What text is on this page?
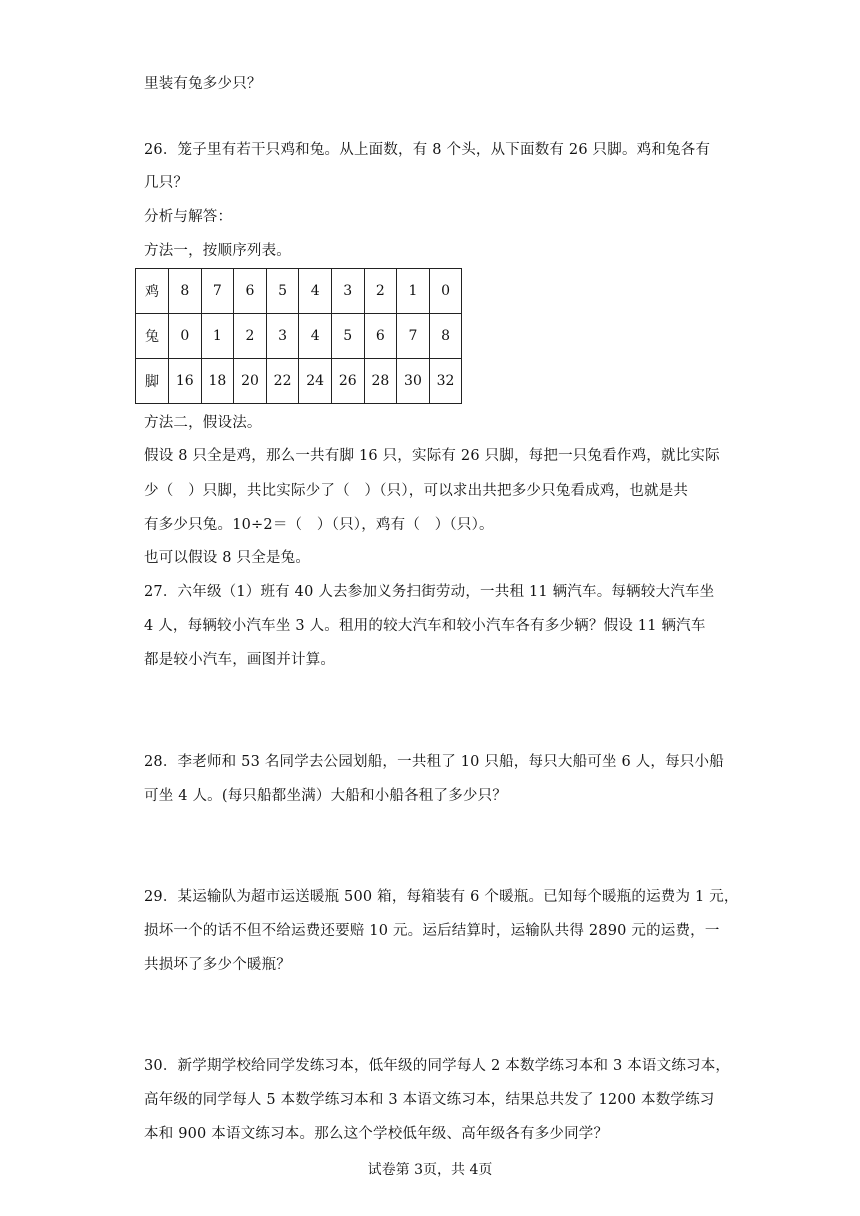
里装有兔多少只？
26．笼子里有若干只鸡和兔。从上面数，有 8 个头，从下面数有 26 只脚。鸡和兔各有
几只？
分析与解答：
方法一，按顺序列表。
鸡	8	7	6	5	4	3	2	1	0
兔	0	1	2	3	4	5	6	7	8
脚	16	18	20	22	24	26	28	30	32
方法二，假设法。
假设 8 只全是鸡，那么一共有脚 16 只，实际有 26 只脚，每把一只兔看作鸡，就比实际
少（　）只脚，共比实际少了（　）（只），可以求出共把多少只兔看成鸡，也就是共
有多少只兔。10÷2＝（　）（只），鸡有（　）（只）。
也可以假设 8 只全是兔。
27．六年级（1）班有 40 人去参加义务扫街劳动，一共租 11 辆汽车。每辆较大汽车坐
4 人，每辆较小汽车坐 3 人。租用的较大汽车和较小汽车各有多少辆？假设 11 辆汽车
都是较小汽车，画图并计算。
28．李老师和 53 名同学去公园划船，一共租了 10 只船，每只大船可坐 6 人，每只小船
可坐 4 人。(每只船都坐满）大船和小船各租了多少只？
29．某运输队为超市运送暖瓶 500 箱，每箱装有 6 个暖瓶。已知每个暖瓶的运费为 1 元，
损坏一个的话不但不给运费还要赔 10 元。运后结算时，运输队共得 2890 元的运费，一
共损坏了多少个暖瓶？
30．新学期学校给同学发练习本，低年级的同学每人 2 本数学练习本和 3 本语文练习本，
高年级的同学每人 5 本数学练习本和 3 本语文练习本，结果总共发了 1200 本数学练习
本和 900 本语文练习本。那么这个学校低年级、高年级各有多少同学？
试卷第 3页，共 4页
